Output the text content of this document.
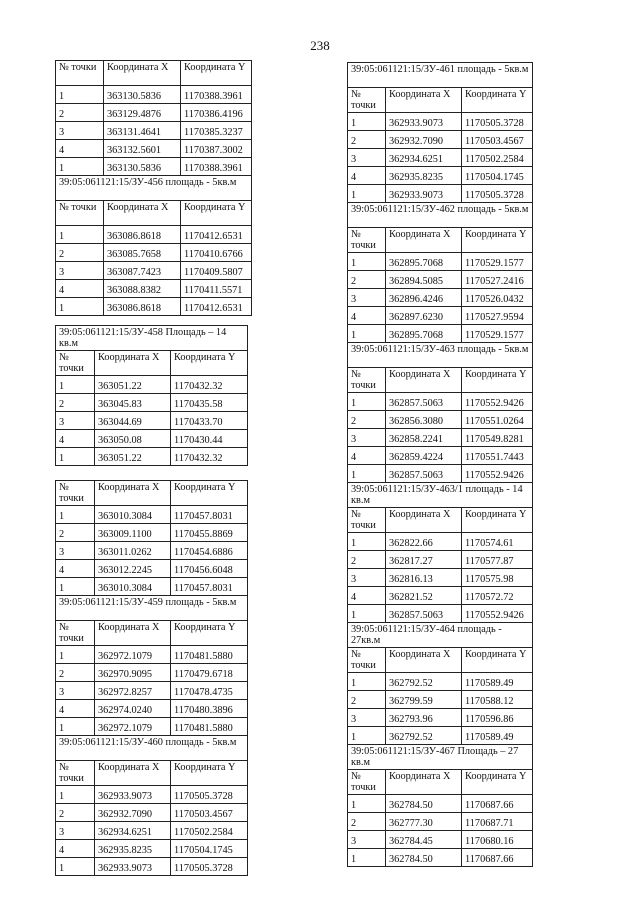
238
№ точки	Координата X	Координата Y
1	363130.5836	1170388.3961
2	363129.4876	1170386.4196
3	363131.4641	1170385.3237
4	363132.5601	1170387.3002
1	363130.5836	1170388.3961
39:05:061121:15/ЗУ-456 площадь - 5кв.м		
№ точки	Координата X	Координата Y
1	363086.8618	1170412.6531
2	363085.7658	1170410.6766
3	363087.7423	1170409.5807
4	363088.8382	1170411.5571
1	363086.8618	1170412.6531
39:05:061121:15/ЗУ-458 Площадь – 14 кв.м		
№ точки	Координата X	Координата Y
1	363051.22	1170432.32
2	363045.83	1170435.58
3	363044.69	1170433.70
4	363050.08	1170430.44
1	363051.22	1170432.32

№ точки	Координата X	Координата Y
1	363010.3084	1170457.8031
2	363009.1100	1170455.8869
3	363011.0262	1170454.6886
4	363012.2245	1170456.6048
1	363010.3084	1170457.8031
39:05:061121:15/ЗУ-459 площадь - 5кв.м		
№ точки	Координата X	Координата Y
1	362972.1079	1170481.5880
2	362970.9095	1170479.6718
3	362972.8257	1170478.4735
4	362974.0240	1170480.3896
1	362972.1079	1170481.5880
39:05:061121:15/ЗУ-460 площадь - 5кв.м		
№ точки	Координата X	Координата Y
1	362933.9073	1170505.3728
2	362932.7090	1170503.4567
3	362934.6251	1170502.2584
4	362935.8235	1170504.1745
1	362933.9073	1170505.3728
39:05:061121:15/ЗУ-461 площадь - 5кв.м		
№ точки	Координата X	Координата Y
1	362933.9073	1170505.3728
2	362932.7090	1170503.4567
3	362934.6251	1170502.2584
4	362935.8235	1170504.1745
1	362933.9073	1170505.3728
39:05:061121:15/ЗУ-462 площадь - 5кв.м		
№ точки	Координата X	Координата Y
1	362895.7068	1170529.1577
2	362894.5085	1170527.2416
3	362896.4246	1170526.0432
4	362897.6230	1170527.9594
1	362895.7068	1170529.1577
39:05:061121:15/ЗУ-463 площадь - 5кв.м		
№ точки	Координата X	Координата Y
1	362857.5063	1170552.9426
2	362856.3080	1170551.0264
3	362858.2241	1170549.8281
4	362859.4224	1170551.7443
1	362857.5063	1170552.9426
39:05:061121:15/ЗУ-463/1 площадь - 14 кв.м		
№ точки	Координата X	Координата Y
1	362822.66	1170574.61
2	362817.27	1170577.87
3	362816.13	1170575.98
4	362821.52	1170572.72
1	362857.5063	1170552.9426
39:05:061121:15/ЗУ-464 площадь - 27кв.м		
№ точки	Координата X	Координата Y
1	362792.52	1170589.49
2	362799.59	1170588.12
3	362793.96	1170596.86
1	362792.52	1170589.49
39:05:061121:15/ЗУ-467 Площадь – 27 кв.м		
№ точки	Координата X	Координата Y
1	362784.50	1170687.66
2	362777.30	1170687.71
3	362784.45	1170680.16
1	362784.50	1170687.66
